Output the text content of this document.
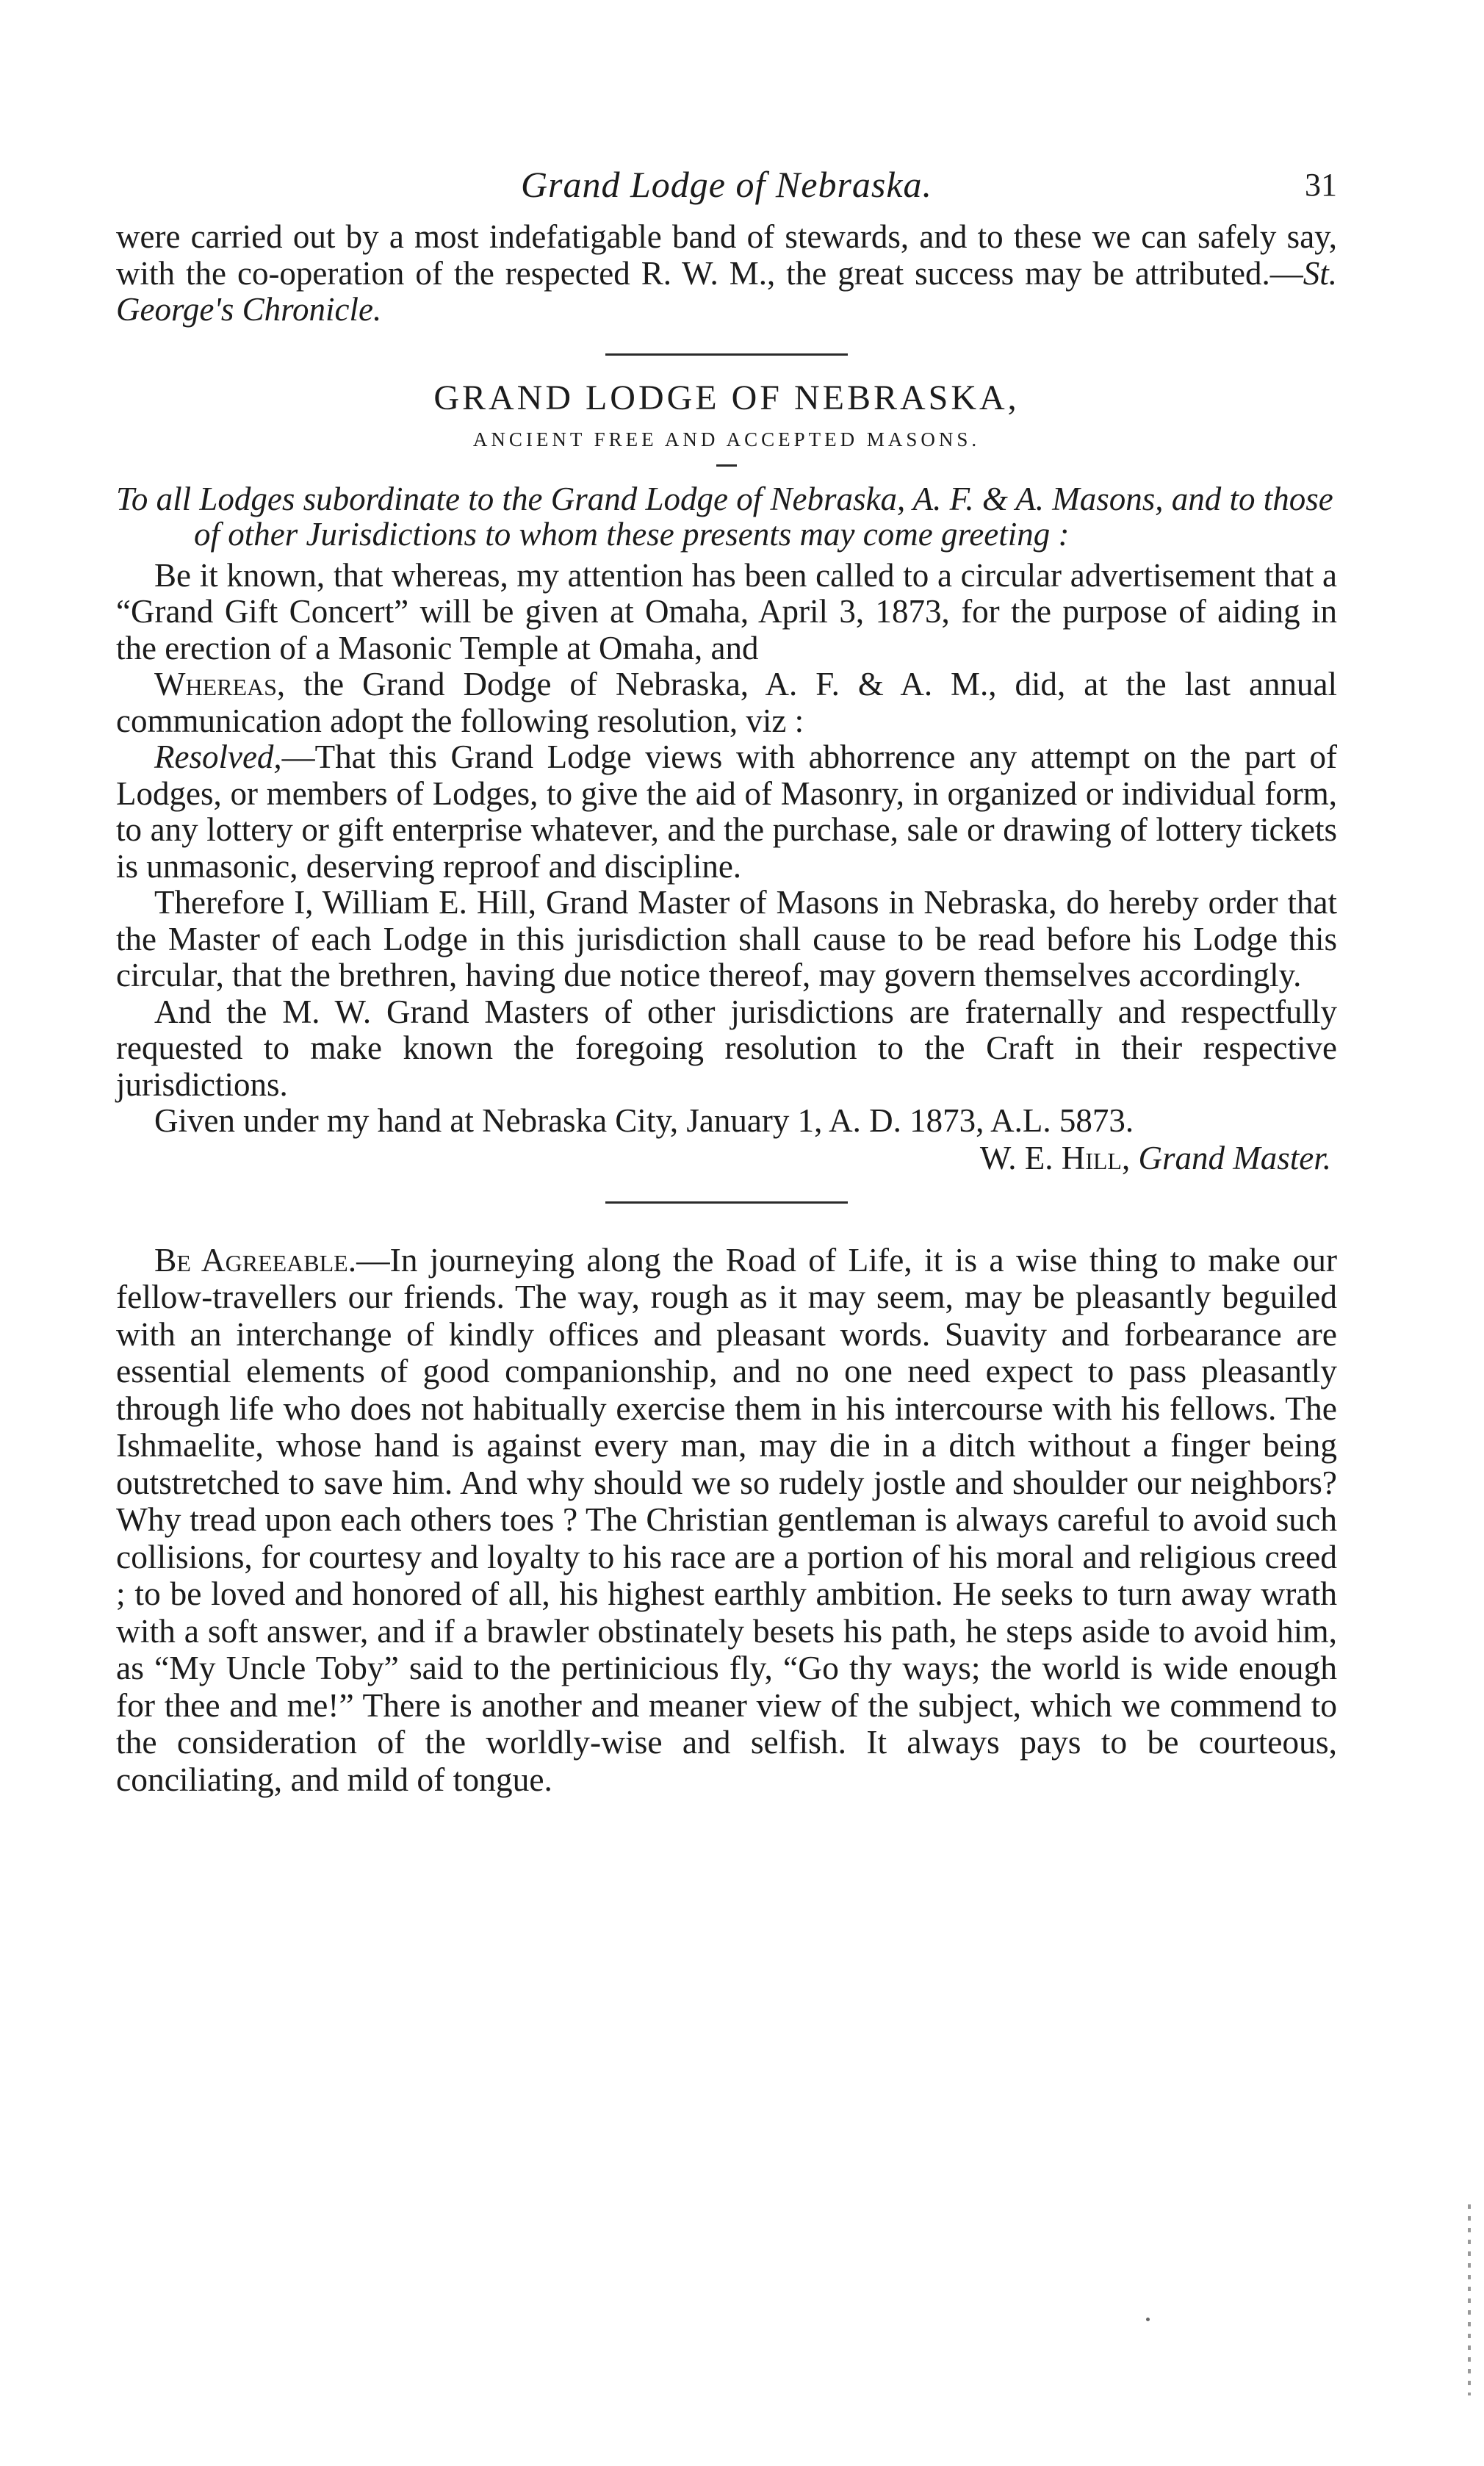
Grand Lodge of Nebraska.	31

were carried out by a most indefatigable band of stewards, and to these we can safely say, with the co-operation of the respected R. W. M., the great success may be attributed.—St. George's Chronicle.

GRAND LODGE OF NEBRASKA,
ANCIENT FREE AND ACCEPTED MASONS.

To all Lodges subordinate to the Grand Lodge of Nebraska, A. F. & A. Masons, and to those of other Jurisdictions to whom these presents may come greeting :

Be it known, that whereas, my attention has been called to a circular advertisement that a “Grand Gift Concert” will be given at Omaha, April 3, 1873, for the purpose of aiding in the erection of a Masonic Temple at Omaha, and

Whereas, the Grand Dodge of Nebraska, A. F. & A. M., did, at the last annual communication adopt the following resolution, viz :

Resolved,—That this Grand Lodge views with abhorrence any attempt on the part of Lodges, or members of Lodges, to give the aid of Masonry, in organized or individual form, to any lottery or gift enterprise whatever, and the purchase, sale or drawing of lottery tickets is unmasonic, deserving reproof and discipline.

Therefore I, William E. Hill, Grand Master of Masons in Nebraska, do hereby order that the Master of each Lodge in this jurisdiction shall cause to be read before his Lodge this circular, that the brethren, having due notice thereof, may govern themselves accordingly.

And the M. W. Grand Masters of other jurisdictions are fraternally and respectfully requested to make known the foregoing resolution to the Craft in their respective jurisdictions.

Given under my hand at Nebraska City, January 1, A. D. 1873, A.L. 5873.

W. E. Hill, Grand Master.

Be Agreeable.—In journeying along the Road of Life, it is a wise thing to make our fellow-travellers our friends. The way, rough as it may seem, may be pleasantly beguiled with an interchange of kindly offices and pleasant words. Suavity and forbearance are essential elements of good companionship, and no one need expect to pass pleasantly through life who does not habitually exercise them in his intercourse with his fellows. The Ishmaelite, whose hand is against every man, may die in a ditch without a finger being outstretched to save him. And why should we so rudely jostle and shoulder our neighbors? Why tread upon each others toes ? The Christian gentleman is always careful to avoid such collisions, for courtesy and loyalty to his race are a portion of his moral and religious creed ; to be loved and honored of all, his highest earthly ambition. He seeks to turn away wrath with a soft answer, and if a brawler obstinately besets his path, he steps aside to avoid him, as “My Uncle Toby” said to the pertinicious fly, “Go thy ways; the world is wide enough for thee and me!” There is another and meaner view of the subject, which we commend to the consideration of the worldly-wise and selfish. It always pays to be courteous, conciliating, and mild of tongue.
